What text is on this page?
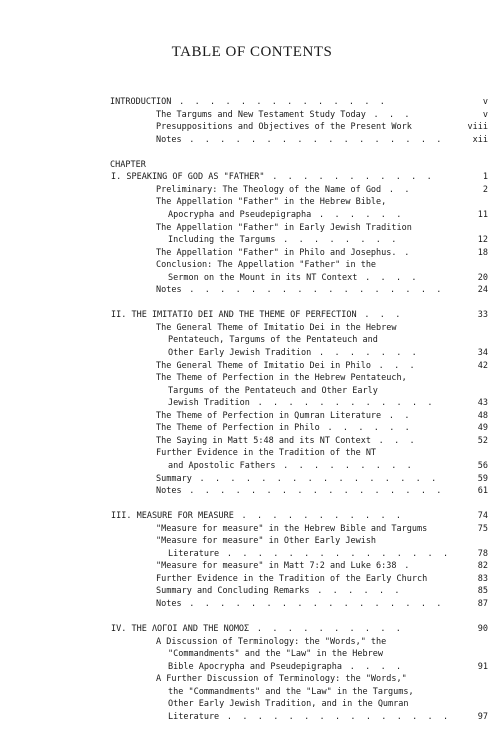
TABLE OF CONTENTS
INTRODUCTION . . . . . . . . . . . . . .	v
The Targums and New Testament Study Today . . .	v
Presuppositions and Objectives of the Present Work	viii
Notes . . . . . . . . . . . . . . . . .	xii
CHAPTER
I. SPEAKING OF GOD AS "FATHER" . . . . . . . . . . .	1
Preliminary: The Theology of the Name of God . .	2
The Appellation "Father" in the Hebrew Bible,
Apocrypha and Pseudepigrapha . . . . . .	11
The Appellation "Father" in Early Jewish Tradition
Including the Targums . . . . . . . .	12
The Appellation "Father" in Philo and Josephus. .	18
Conclusion: The Appellation "Father" in the
Sermon on the Mount in its NT Context . . . .	20
Notes . . . . . . . . . . . . . . . . .	24
II. THE IMITATIO DEI AND THE THEME OF PERFECTION . . .	33
The General Theme of Imitatio Dei in the Hebrew
Pentateuch, Targums of the Pentateuch and
Other Early Jewish Tradition . . . . . . .	34
The General Theme of Imitatio Dei in Philo . . .	42
The Theme of Perfection in the Hebrew Pentateuch,
Targums of the Pentateuch and Other Early
Jewish Tradition . . . . . . . . . . . .	43
The Theme of Perfection in Qumran Literature . .	48
The Theme of Perfection in Philo . . . . . .	49
The Saying in Matt 5:48 and its NT Context . . .	52
Further Evidence in the Tradition of the NT
and Apostolic Fathers . . . . . . . . .	56
Summary . . . . . . . . . . . . . . . .	59
Notes . . . . . . . . . . . . . . . . .	61
III. MEASURE FOR MEASURE . . . . . . . . . . .	74
"Measure for measure" in the Hebrew Bible and Targums	75
"Measure for measure" in Other Early Jewish
Literature . . . . . . . . . . . . . . .	78
"Measure for measure" in Matt 7:2 and Luke 6:38 .	82
Further Evidence in the Tradition of the Early Church	83
Summary and Concluding Remarks . . . . . .	85
Notes . . . . . . . . . . . . . . . . .	87
IV. THE ΛΟΓΟΙ AND THE ΝΟΜΟΣ . . . . . . . . . .	90
A Discussion of Terminology: the "Words," the
"Commandments" and the "Law" in the Hebrew
Bible Apocrypha and Pseudepigrapha . . . .	91
A Further Discussion of Terminology: the "Words,"
the "Commandments" and the "Law" in the Targums,
Other Early Jewish Tradition, and in the Qumran
Literature . . . . . . . . . . . . . . .	97
